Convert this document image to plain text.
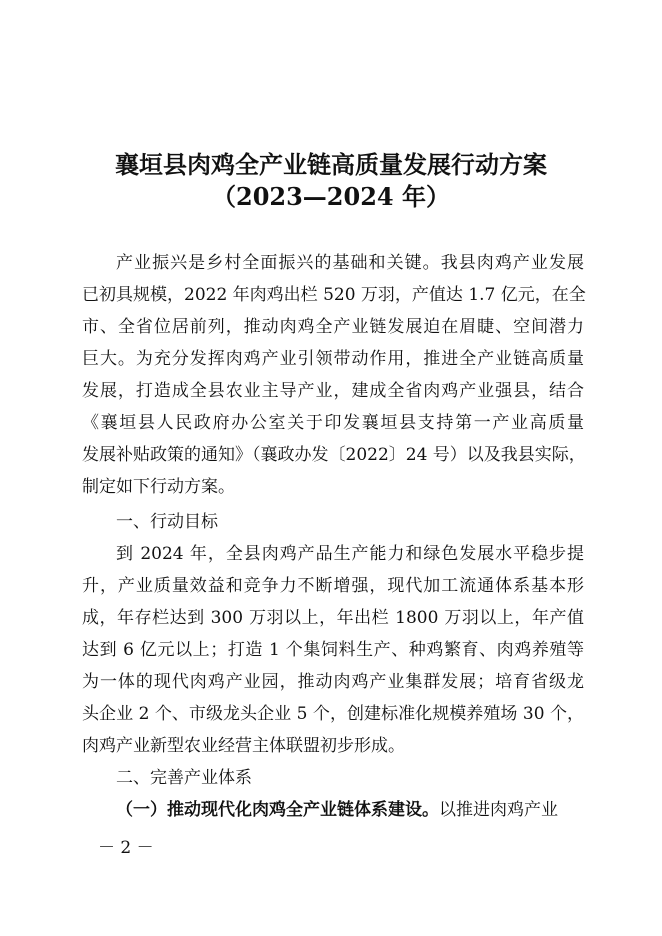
襄垣县肉鸡全产业链高质量发展行动方案
（2023—2024 年）
产业振兴是乡村全面振兴的基础和关键。我县肉鸡产业发展
已初具规模，2022 年肉鸡出栏 520 万羽，产值达 1.7 亿元，在全
市、全省位居前列，推动肉鸡全产业链发展迫在眉睫、空间潜力
巨大。为充分发挥肉鸡产业引领带动作用，推进全产业链高质量
发展，打造成全县农业主导产业，建成全省肉鸡产业强县，结合
《襄垣县人民政府办公室关于印发襄垣县支持第一产业高质量
发展补贴政策的通知》（襄政办发〔2022〕24 号）以及我县实际，
制定如下行动方案。
一、行动目标
到 2024 年，全县肉鸡产品生产能力和绿色发展水平稳步提
升，产业质量效益和竞争力不断增强，现代加工流通体系基本形
成，年存栏达到 300 万羽以上，年出栏 1800 万羽以上，年产值
达到 6 亿元以上；打造 1 个集饲料生产、种鸡繁育、肉鸡养殖等
为一体的现代肉鸡产业园，推动肉鸡产业集群发展；培育省级龙
头企业 2 个、市级龙头企业 5 个，创建标准化规模养殖场 30 个，
肉鸡产业新型农业经营主体联盟初步形成。
二、完善产业体系
（一）推动现代化肉鸡全产业链体系建设。以推进肉鸡产业
－ 2 －
